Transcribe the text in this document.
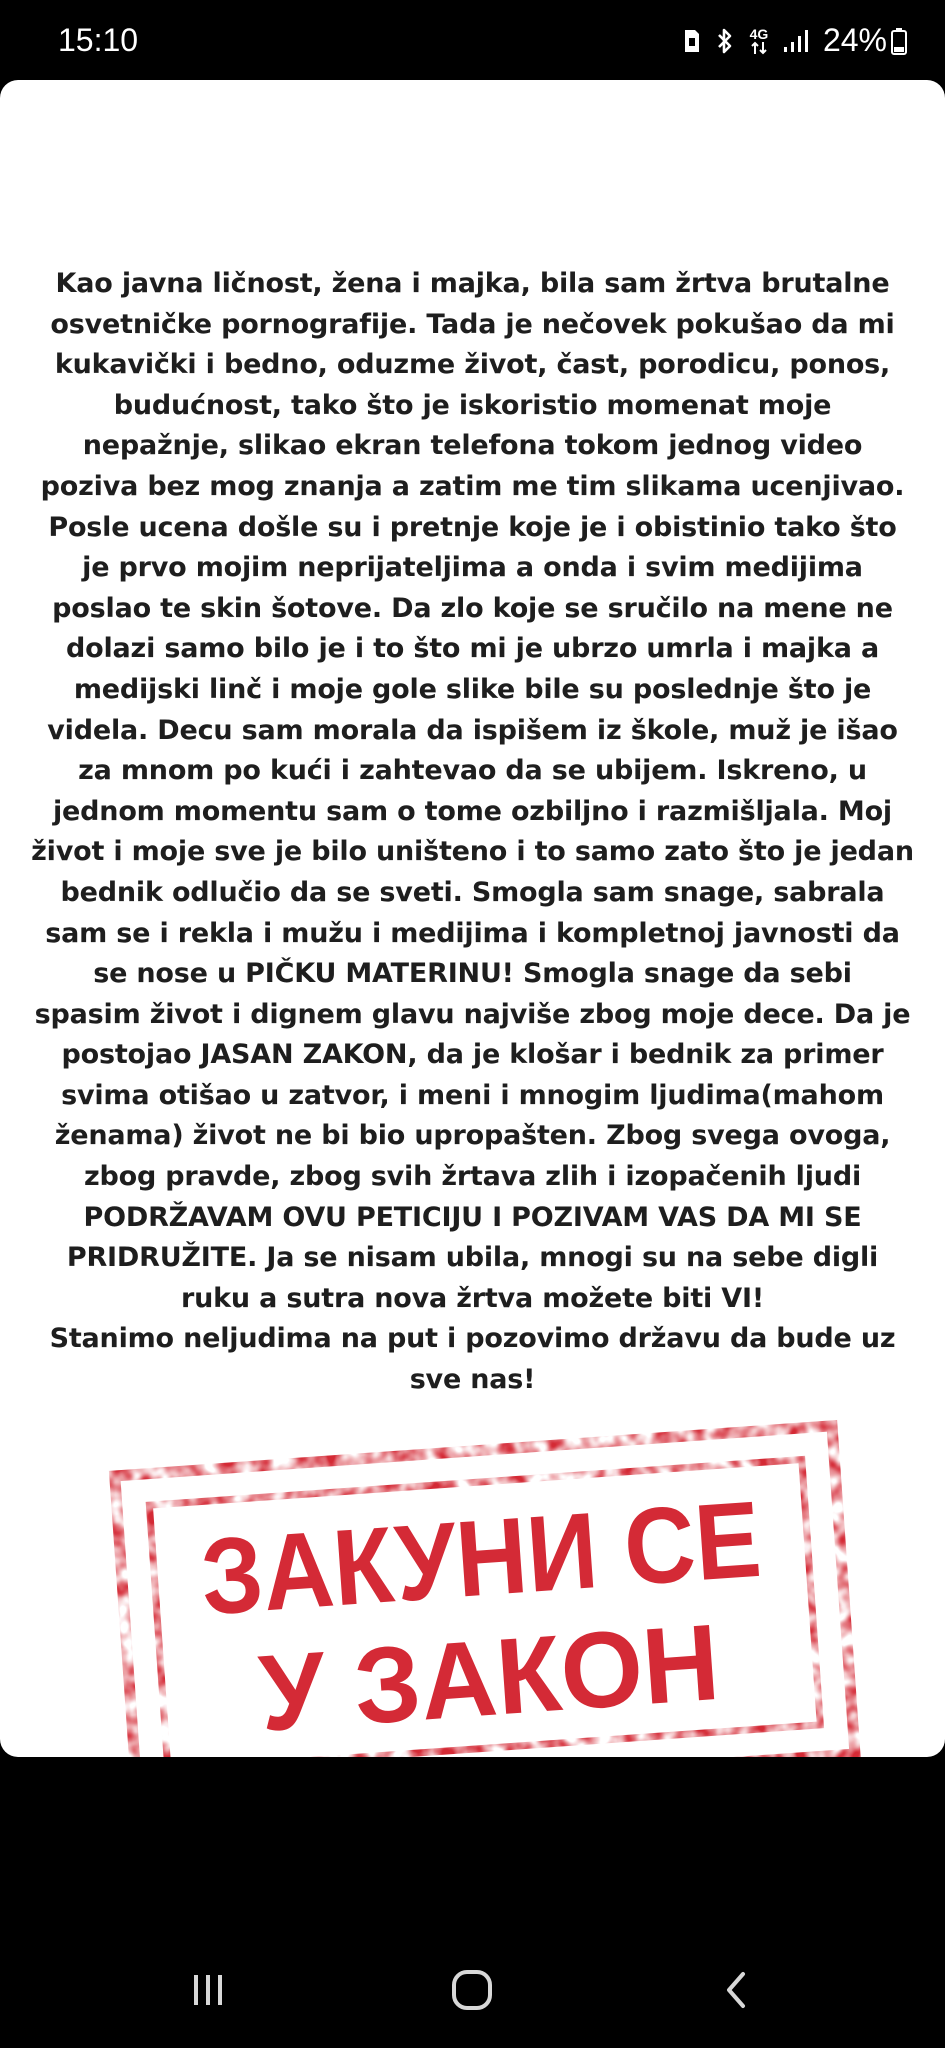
15:10	4G 24%
Kao javna ličnost, žena i majka, bila sam žrtva brutalne
osvetničke pornografije. Tada je nečovek pokušao da mi
kukavički i bedno, oduzme život, čast, porodicu, ponos,
budućnost, tako što je iskoristio momenat moje
nepažnje, slikao ekran telefona tokom jednog video
poziva bez mog znanja a zatim me tim slikama ucenjivao.
Posle ucena došle su i pretnje koje je i obistinio tako što
je prvo mojim neprijateljima a onda i svim medijima
poslao te skin šotove. Da zlo koje se sručilo na mene ne
dolazi samo bilo je i to što mi je ubrzo umrla i majka a
medijski linč i moje gole slike bile su poslednje što je
videla. Decu sam morala da ispišem iz škole, muž je išao
za mnom po kući i zahtevao da se ubijem. Iskreno, u
jednom momentu sam o tome ozbiljno i razmišljala. Moj
život i moje sve je bilo uništeno i to samo zato što je jedan
bednik odlučio da se sveti. Smogla sam snage, sabrala
sam se i rekla i mužu i medijima i kompletnoj javnosti da
se nose u PIČKU MATERINU! Smogla snage da sebi
spasim život i dignem glavu najviše zbog moje dece. Da je
postojao JASAN ZAKON, da je klošar i bednik za primer
svima otišao u zatvor, i meni i mnogim ljudima(mahom
ženama) život ne bi bio upropašten. Zbog svega ovoga,
zbog pravde, zbog svih žrtava zlih i izopačenih ljudi
PODRŽAVAM OVU PETICIJU I POZIVAM VAS DA MI SE
PRIDRUŽITE. Ja se nisam ubila, mnogi su na sebe digli
ruku a sutra nova žrtva možete biti VI!
Stanimo neljudima na put i pozovimo državu da bude uz
sve nas!
ЗАКУНИ СЕ
У ЗАКОН
